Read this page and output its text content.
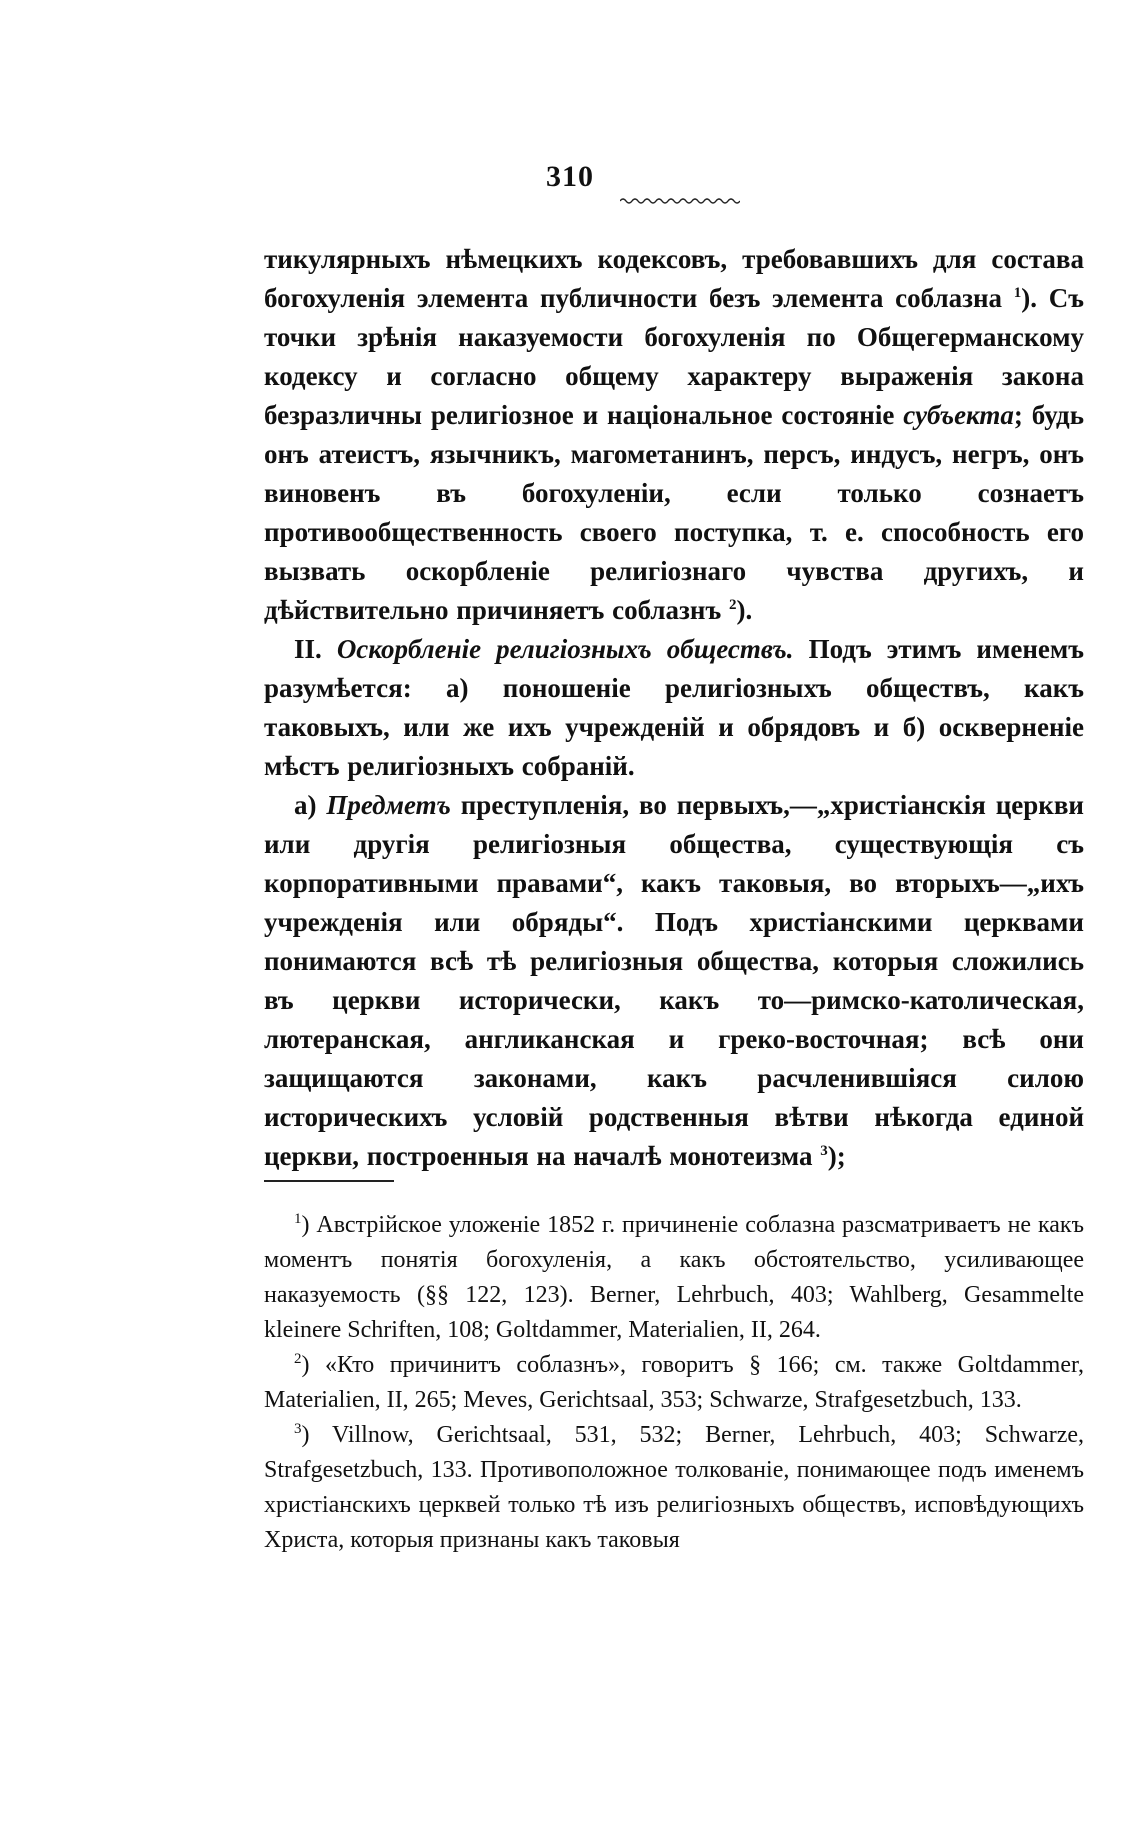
310

тикулярныхъ нѣмецкихъ кодексовъ, требовавшихъ для состава богохуленія элемента публичности безъ элемента соблазна $^1$). Съ точки зрѣнія наказуемости богохуленія по Общегерманскому кодексу и согласно общему характеру выраженія закона безразличны религіозное и національное состояніе субъекта; будь онъ атеистъ, язычникъ, магометанинъ, персъ, индусъ, негръ, онъ виновенъ въ богохуленіи, если только сознаетъ противообщественность своего поступка, т. е. способность его вызвать оскорбленіе религіознаго чувства другихъ, и дѣйствительно причиняетъ соблазнъ $^2$).

II. Оскорбленіе религіозныхъ обществъ. Подъ этимъ именемъ разумѣется: а) поношеніе религіозныхъ обществъ, какъ таковыхъ, или же ихъ учрежденій и обрядовъ и б) оскверненіе мѣстъ религіозныхъ собраній.

а) Предметъ преступленія, во первыхъ,—„христіанскія церкви или другія религіозныя общества, существующія съ корпоративными правами“, какъ таковыя, во вторыхъ—„ихъ учрежденія или обряды“. Подъ христіанскими церквами понимаются всѣ тѣ религіозныя общества, которыя сложились въ церкви исторически, какъ то—римско-католическая, лютеранская, англиканская и греко-восточная; всѣ они защищаются законами, какъ расчленившіяся силою историческихъ условій родственныя вѣтви нѣкогда единой церкви, построенныя на началѣ монотеизма $^3$);

$^1$) Австрійское уложеніе 1852 г. причиненіе соблазна разсматриваетъ не какъ моментъ понятія богохуленія, а какъ обстоятельство, усиливающее наказуемость (§§ 122, 123). Berner, Lehrbuch, 403; Wahlberg, Gesammelte kleinere Schriften, 108; Goltdammer, Materialien, II, 264.

$^2$) «Кто причинитъ соблазнъ», говоритъ § 166; см. также Goltdammer, Materialien, II, 265; Meves, Gerichtsaal, 353; Schwarze, Strafgesetzbuch, 133.

$^3$) Villnow, Gerichtsaal, 531, 532; Berner, Lehrbuch, 403; Schwarze, Strafgesetzbuch, 133. Противоположное толкованіе, понимающее подъ именемъ христіанскихъ церквей только тѣ изъ религіозныхъ обществъ, исповѣдующихъ Христа, которыя признаны какъ таковыя
